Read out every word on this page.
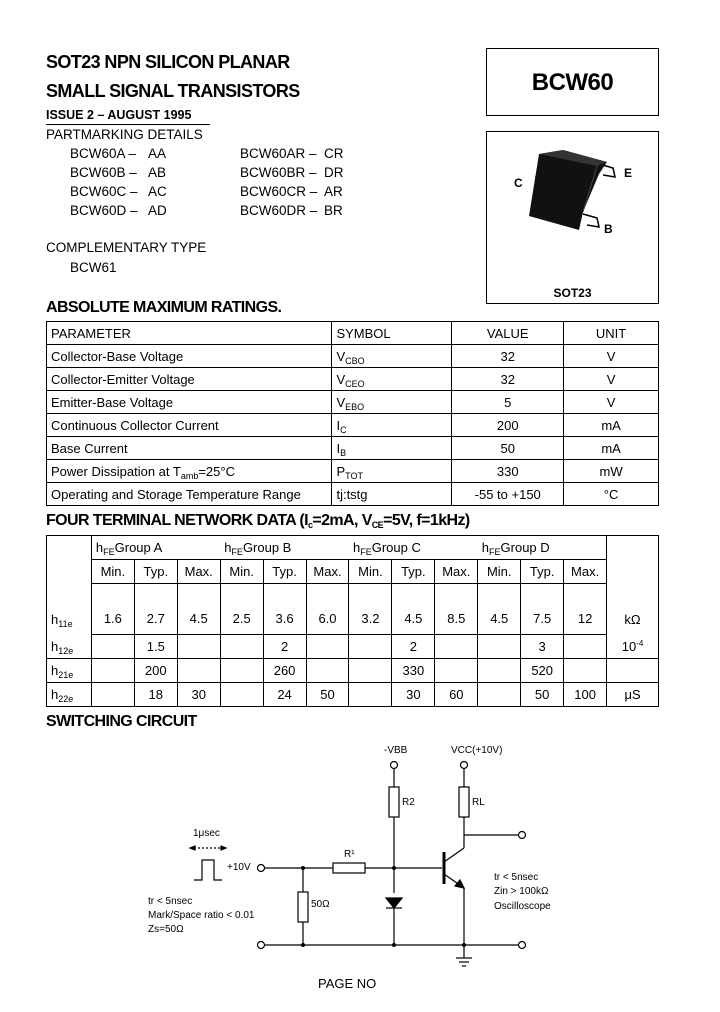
SOT23 NPN SILICON PLANAR
SMALL SIGNAL TRANSISTORS
ISSUE 2 – AUGUST 1995
BCW60
PARTMARKING DETAILS
BCW60A – AA
BCW60B – AB
BCW60C – AC
BCW60D – AD
BCW60AR – CR
BCW60BR – DR
BCW60CR – AR
BCW60DR – BR
COMPLEMENTARY TYPE
BCW61
C
E
B
SOT23
ABSOLUTE MAXIMUM RATINGS.
PARAMETER	SYMBOL	VALUE	UNIT
Collector-Base Voltage	$V_{CBO}$	32	V
Collector-Emitter Voltage	$V_{CEO}$	32	V
Emitter-Base Voltage	$V_{EBO}$	5	V
Continuous Collector Current	$I_C$	200	mA
Base Current	$I_B$	50	mA
Power Dissipation at $T_{amb}=25^\circ C$	$P_{TOT}$	330	mW
Operating and Storage Temperature Range	tj:tstg	-55 to +150	°C
FOUR TERMINAL NETWORK DATA ($I_c=2mA$, $V_{CE}=5V$, f=1kHz)
	$h_{FE}Group$ A			$h_{FE}Group$ B			$h_{FE}Group$ C			$h_{FE}Group$ D			
	Min.	Typ.	Max.	Min.	Typ.	Max.	Min.	Typ.	Max.	Min.	Typ.	Max.	
$h_{11e}$	1.6	2.7	4.5	2.5	3.6	6.0	3.2	4.5	8.5	4.5	7.5	12	kΩ
$h_{12e}$		1.5			2			2			3		$10^{-4}$
$h_{21e}$		200			260			330			520		
$h_{22e}$		18	30		24	50		30	60		50	100	μS
SWITCHING CIRCUIT
-VBB	VCC(+10V)
R2	RL
R¹
50Ω
1μsec
+10V
tr < 5nsec
Mark/Space ratio < 0.01
Zs=50Ω
tr < 5nsec
Zin > 100kΩ
Oscilloscope
PAGE NO
